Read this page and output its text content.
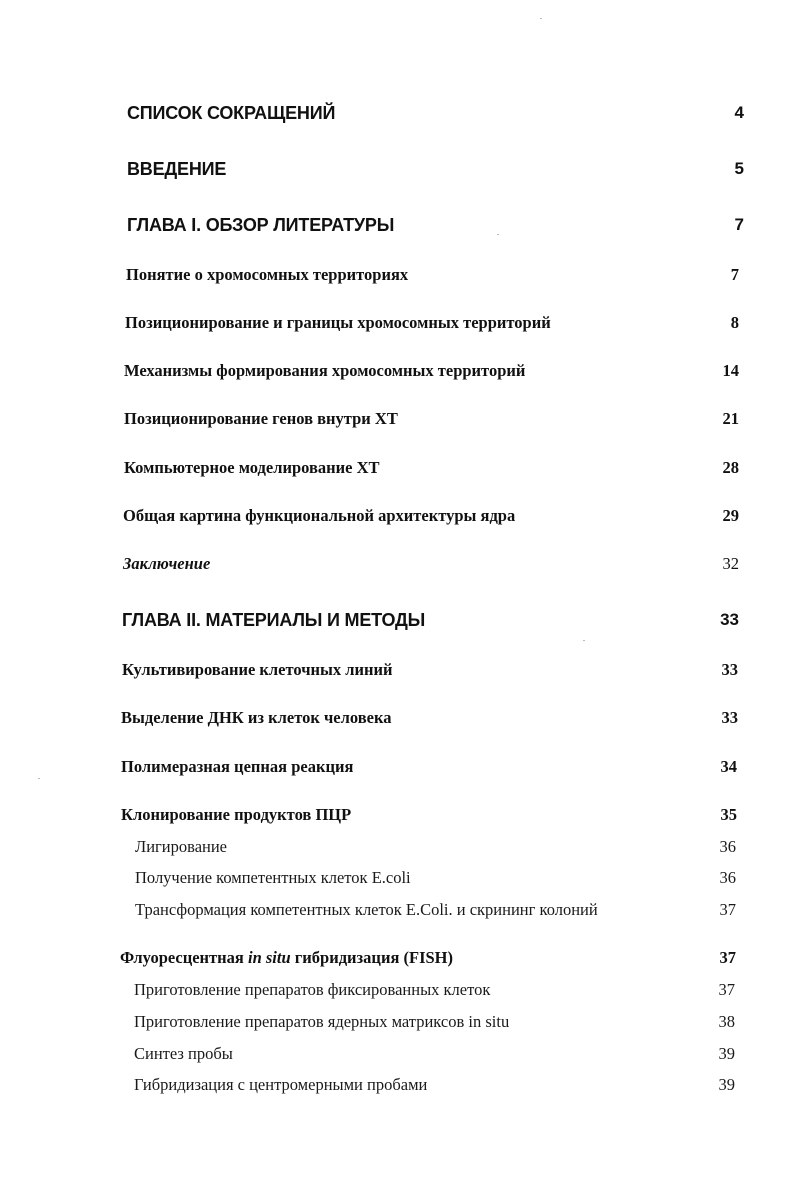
СПИСОК СОКРАЩЕНИЙ	4
ВВЕДЕНИЕ	5
ГЛАВА I. ОБЗОР ЛИТЕРАТУРЫ	7
Понятие о хромосомных территориях	7
Позиционирование и границы хромосомных территорий	8
Механизмы формирования хромосомных территорий	14
Позиционирование генов внутри ХТ	21
Компьютерное моделирование ХТ	28
Общая картина функциональной архитектуры ядра	29
Заключение	32
ГЛАВА II. МАТЕРИАЛЫ И МЕТОДЫ	33
Культивирование клеточных линий	33
Выделение ДНК из клеток человека	33
Полимеразная цепная реакция	34
Клонирование продуктов ПЦР	35
Лигирование	36
Получение компетентных клеток E.coli	36
Трансформация компетентных клеток E.Coli. и скрининг колоний	37
Флуоресцентная in situ гибридизация (FISH)	37
Приготовление препаратов фиксированных клеток	37
Приготовление препаратов ядерных матриксов in situ	38
Синтез пробы	39
Гибридизация с центромерными пробами	39
